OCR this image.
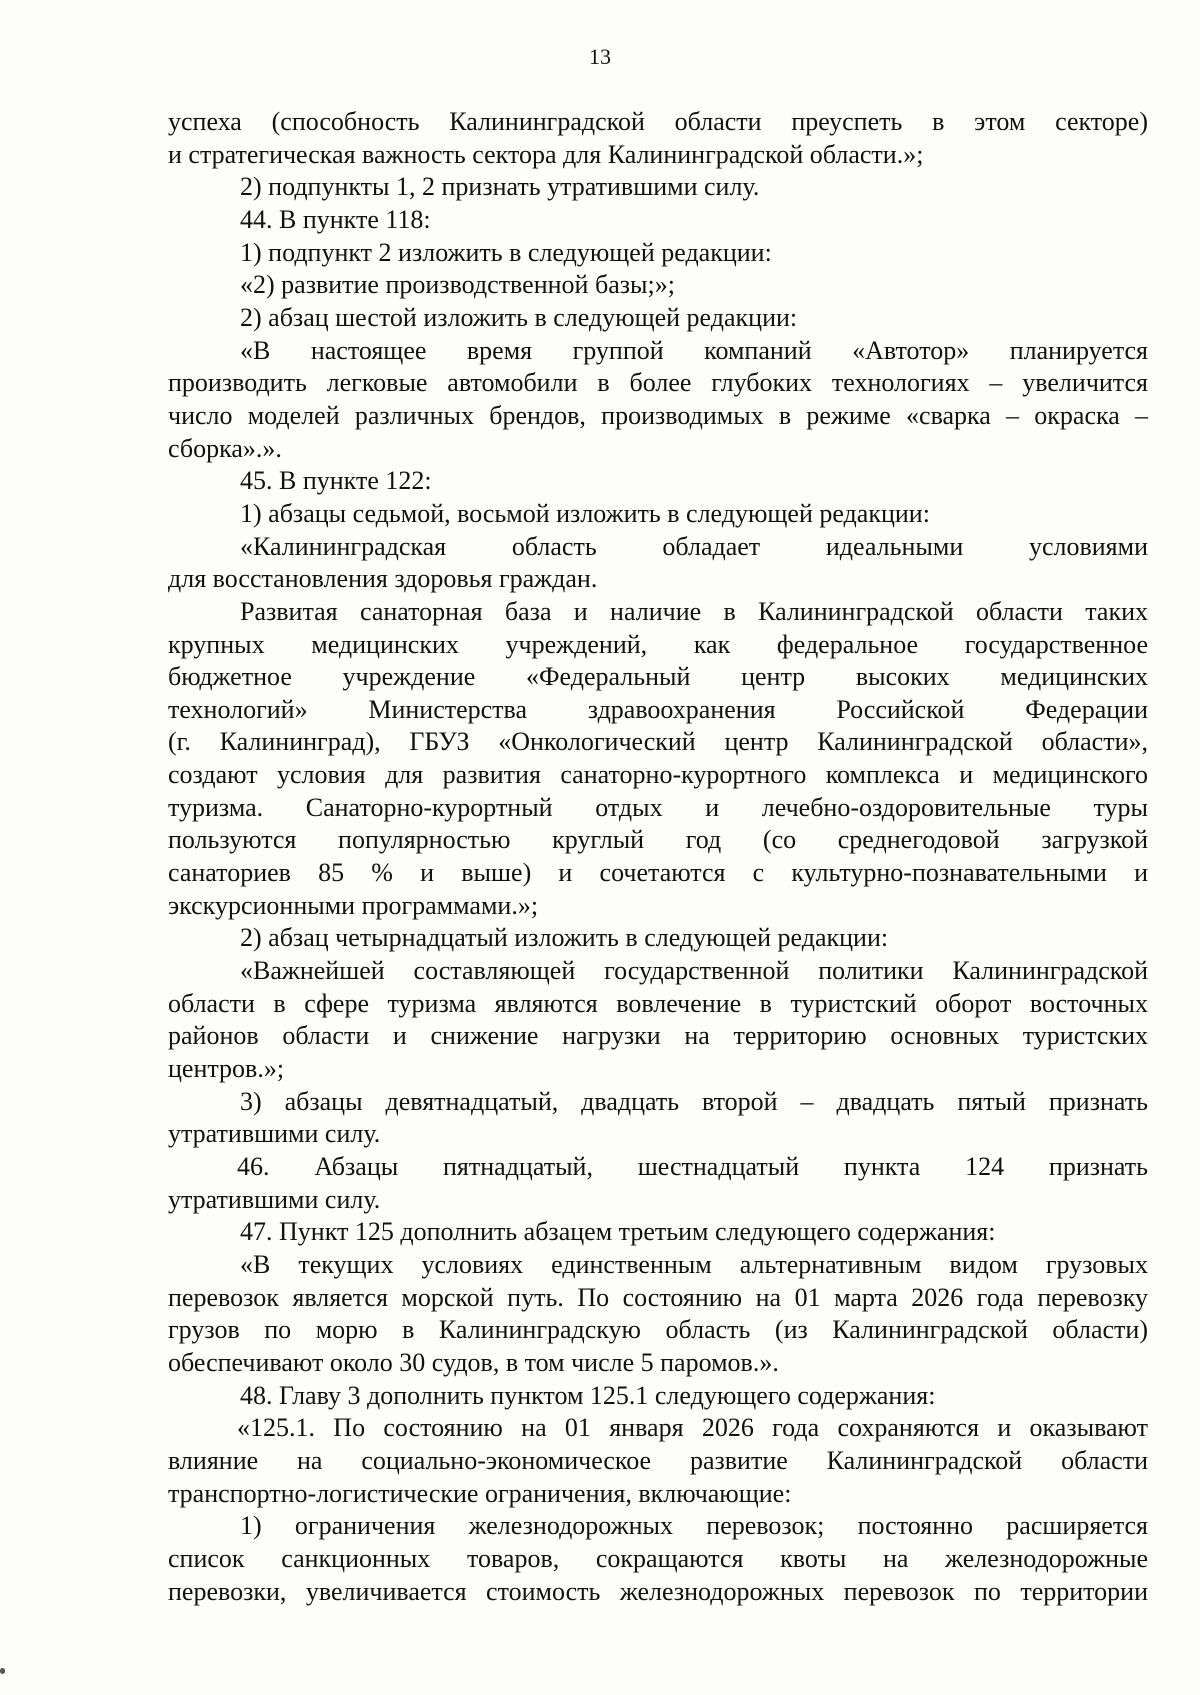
13

успеха (способность Калининградской области преуспеть в этом секторе)

и стратегическая важность сектора для Калининградской области.»;

2) подпункты 1, 2 признать утратившими силу.

44. В пункте 118:

1) подпункт 2 изложить в следующей редакции:

«2) развитие производственной базы;»;

2) абзац шестой изложить в следующей редакции:

«В настоящее время группой компаний «Автотор» планируется

производить легковые автомобили в более глубоких технологиях – увеличится

число моделей различных брендов, производимых в режиме «сварка – окраска –

сборка».».

45. В пункте 122:

1) абзацы седьмой, восьмой изложить в следующей редакции:

«Калининградская область обладает идеальными условиями

для восстановления здоровья граждан.

Развитая санаторная база и наличие в Калининградской области таких

крупных медицинских учреждений, как федеральное государственное

бюджетное учреждение «Федеральный центр высоких медицинских

технологий» Министерства здравоохранения Российской Федерации

(г. Калининград), ГБУЗ «Онкологический центр Калининградской области»,

создают условия для развития санаторно-курортного комплекса и медицинского

туризма. Санаторно-курортный отдых и лечебно-оздоровительные туры

пользуются популярностью круглый год (со среднегодовой загрузкой

санаториев 85 % и выше) и сочетаются с культурно-познавательными и

экскурсионными программами.»;

2) абзац четырнадцатый изложить в следующей редакции:

«Важнейшей составляющей государственной политики Калининградской

области в сфере туризма являются вовлечение в туристский оборот восточных

районов области и снижение нагрузки на территорию основных туристских

центров.»;

3) абзацы девятнадцатый, двадцать второй – двадцать пятый признать

утратившими силу.

46. Абзацы пятнадцатый, шестнадцатый пункта 124 признать

утратившими силу.

47. Пункт 125 дополнить абзацем третьим следующего содержания:

«В текущих условиях единственным альтернативным видом грузовых

перевозок является морской путь. По состоянию на 01 марта 2026 года перевозку

грузов по морю в Калининградскую область (из Калининградской области)

обеспечивают около 30 судов, в том числе 5 паромов.».

48. Главу 3 дополнить пунктом 125.1 следующего содержания:

«125.1. По состоянию на 01 января 2026 года сохраняются и оказывают

влияние на социально-экономическое развитие Калининградской области

транспортно-логистические ограничения, включающие:

1) ограничения железнодорожных перевозок; постоянно расширяется

список санкционных товаров, сокращаются квоты на железнодорожные

перевозки, увеличивается стоимость железнодорожных перевозок по территории
